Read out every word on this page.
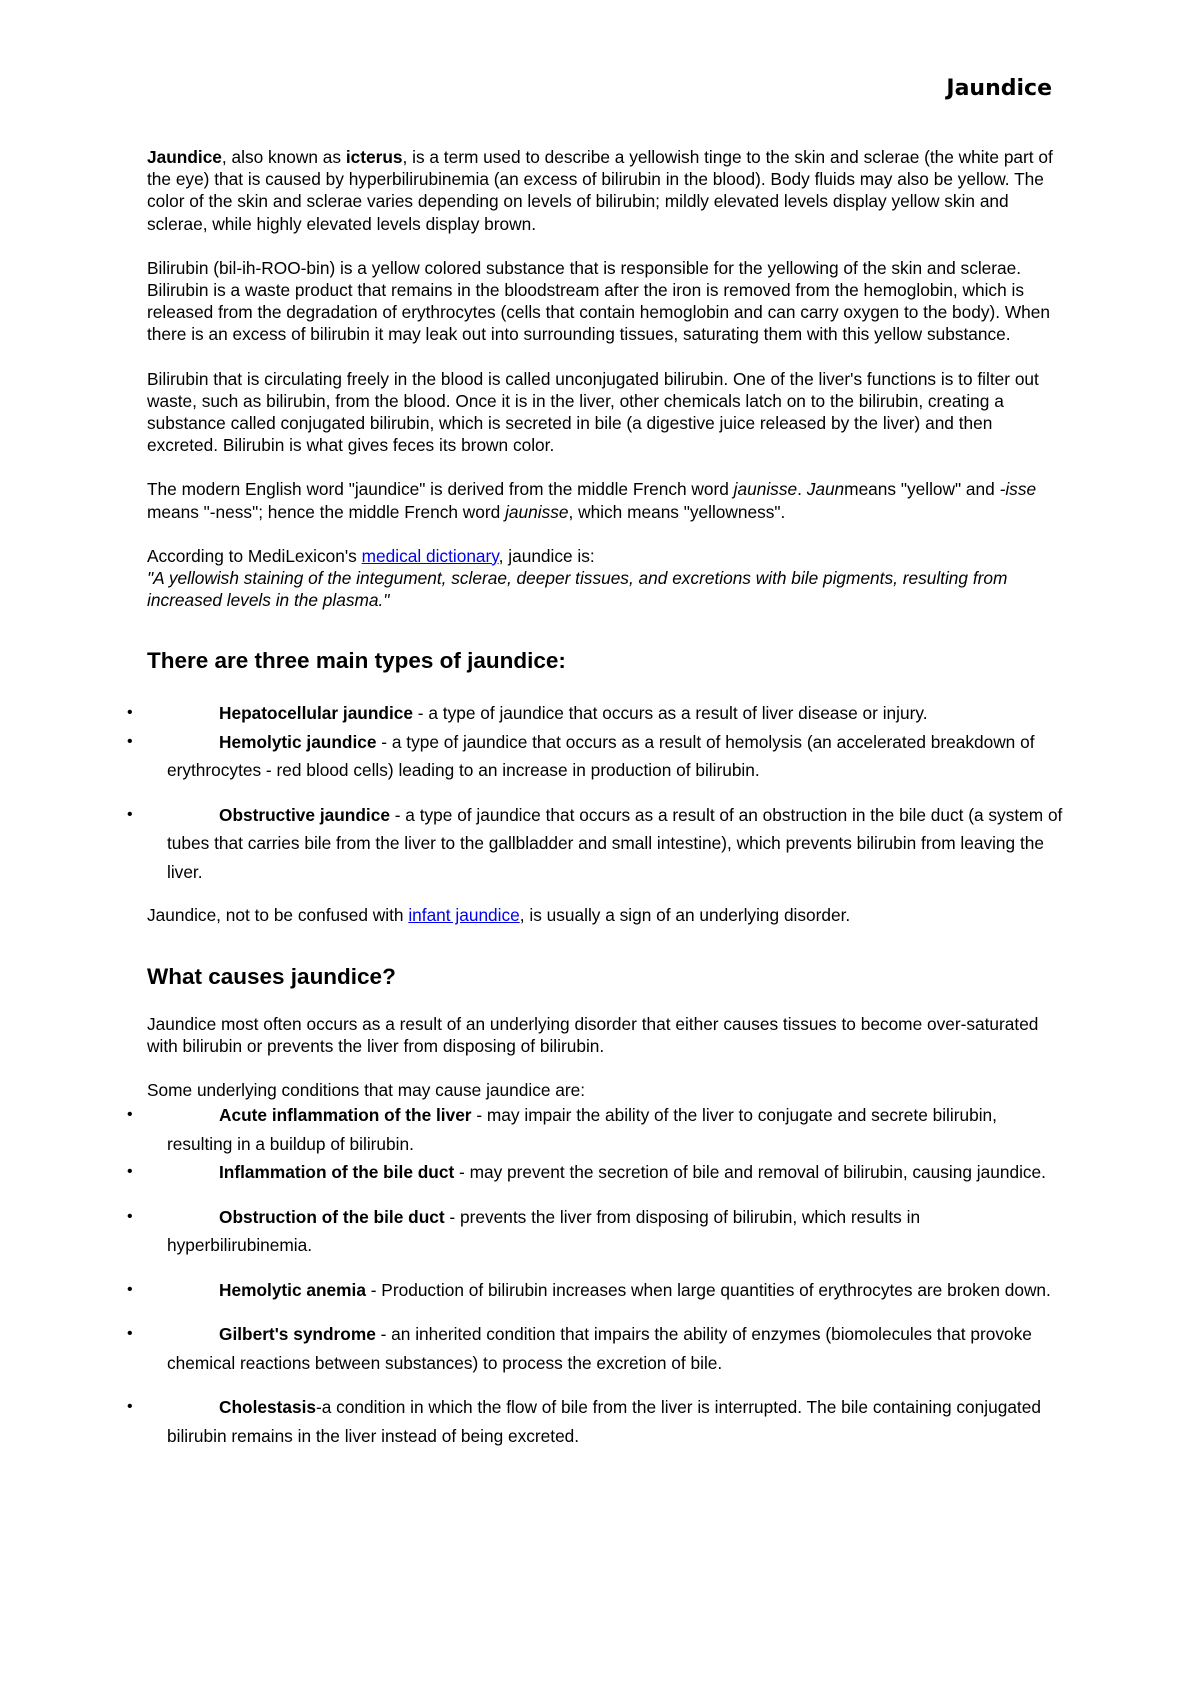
Jaundice

Jaundice, also known as icterus, is a term used to describe a yellowish tinge to the skin and sclerae (the white part of the eye) that is caused by hyperbilirubinemia (an excess of bilirubin in the blood). Body fluids may also be yellow. The color of the skin and sclerae varies depending on levels of bilirubin; mildly elevated levels display yellow skin and sclerae, while highly elevated levels display brown.

Bilirubin (bil-ih-ROO-bin) is a yellow colored substance that is responsible for the yellowing of the skin and sclerae. Bilirubin is a waste product that remains in the bloodstream after the iron is removed from the hemoglobin, which is released from the degradation of erythrocytes (cells that contain hemoglobin and can carry oxygen to the body). When there is an excess of bilirubin it may leak out into surrounding tissues, saturating them with this yellow substance.

Bilirubin that is circulating freely in the blood is called unconjugated bilirubin. One of the liver's functions is to filter out waste, such as bilirubin, from the blood. Once it is in the liver, other chemicals latch on to the bilirubin, creating a substance called conjugated bilirubin, which is secreted in bile (a digestive juice released by the liver) and then excreted. Bilirubin is what gives feces its brown color.

The modern English word "jaundice" is derived from the middle French word jaunisse. Jaunmeans "yellow" and -isse means "-ness"; hence the middle French word jaunisse, which means "yellowness".

According to MediLexicon's medical dictionary, jaundice is:
"A yellowish staining of the integument, sclerae, deeper tissues, and excretions with bile pigments, resulting from increased levels in the plasma."

There are three main types of jaundice:
•	Hepatocellular jaundice - a type of jaundice that occurs as a result of liver disease or injury.
•	Hemolytic jaundice - a type of jaundice that occurs as a result of hemolysis (an accelerated breakdown of erythrocytes - red blood cells) leading to an increase in production of bilirubin.
•	Obstructive jaundice - a type of jaundice that occurs as a result of an obstruction in the bile duct (a system of tubes that carries bile from the liver to the gallbladder and small intestine), which prevents bilirubin from leaving the liver.

Jaundice, not to be confused with infant jaundice, is usually a sign of an underlying disorder.

What causes jaundice?

Jaundice most often occurs as a result of an underlying disorder that either causes tissues to become over-saturated with bilirubin or prevents the liver from disposing of bilirubin.

Some underlying conditions that may cause jaundice are:

•	Acute inflammation of the liver - may impair the ability of the liver to conjugate and secrete bilirubin, resulting in a buildup of bilirubin.
•	Inflammation of the bile duct - may prevent the secretion of bile and removal of bilirubin, causing jaundice.
•	Obstruction of the bile duct - prevents the liver from disposing of bilirubin, which results in hyperbilirubinemia.
•	Hemolytic anemia - Production of bilirubin increases when large quantities of erythrocytes are broken down.
•	Gilbert's syndrome - an inherited condition that impairs the ability of enzymes (biomolecules that provoke chemical reactions between substances) to process the excretion of bile.
•	Cholestasis-a condition in which the flow of bile from the liver is interrupted. The bile containing conjugated bilirubin remains in the liver instead of being excreted.
